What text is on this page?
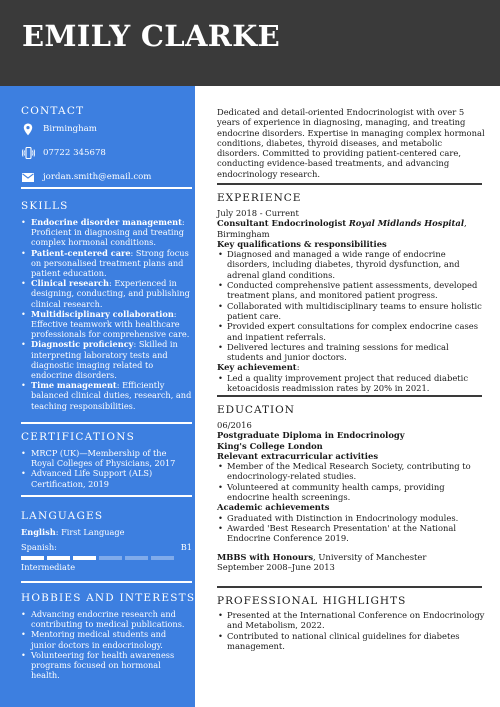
EMILY CLARKE
CONTACT
Birmingham
07722 345678
jordan.smith@email.com
SKILLS
• Endocrine disorder management: Proficient in diagnosing and treating complex hormonal conditions.
• Patient-centered care: Strong focus on personalised treatment plans and patient education.
• Clinical research: Experienced in designing, conducting, and publishing clinical research.
• Multidisciplinary collaboration: Effective teamwork with healthcare professionals for comprehensive care.
• Diagnostic proficiency: Skilled in interpreting laboratory tests and diagnostic imaging related to endocrine disorders.
• Time management: Efficiently balanced clinical duties, research, and teaching responsibilities.
CERTIFICATIONS
• MRCP (UK)—Membership of the Royal Colleges of Physicians, 2017
• Advanced Life Support (ALS) Certification, 2019
LANGUAGES
English: First Language
Spanish:	B1
Intermediate
HOBBIES AND INTERESTS
• Advancing endocrine research and contributing to medical publications.
• Mentoring medical students and junior doctors in endocrinology.
• Volunteering for health awareness programs focused on hormonal health.
Dedicated and detail-oriented Endocrinologist with over 5 years of experience in diagnosing, managing, and treating endocrine disorders. Expertise in managing complex hormonal conditions, diabetes, thyroid diseases, and metabolic disorders. Committed to providing patient-centered care, conducting evidence-based treatments, and advancing endocrinology research.
EXPERIENCE
July 2018 - Current
Consultant Endocrinologist Royal Midlands Hospital, Birmingham
Key qualifications & responsibilities
• Diagnosed and managed a wide range of endocrine disorders, including diabetes, thyroid dysfunction, and adrenal gland conditions.
• Conducted comprehensive patient assessments, developed treatment plans, and monitored patient progress.
• Collaborated with multidisciplinary teams to ensure holistic patient care.
• Provided expert consultations for complex endocrine cases and inpatient referrals.
• Delivered lectures and training sessions for medical students and junior doctors.
Key achievement:
• Led a quality improvement project that reduced diabetic ketoacidosis readmission rates by 20% in 2021.
EDUCATION
06/2016
Postgraduate Diploma in Endocrinology
King's College London
Relevant extracurricular activities
• Member of the Medical Research Society, contributing to endocrinology-related studies.
• Volunteered at community health camps, providing endocrine health screenings.
Academic achievements
• Graduated with Distinction in Endocrinology modules.
• Awarded 'Best Research Presentation' at the National Endocrine Conference 2019.
MBBS with Honours, University of Manchester
September 2008–June 2013
PROFESSIONAL HIGHLIGHTS
• Presented at the International Conference on Endocrinology and Metabolism, 2022.
• Contributed to national clinical guidelines for diabetes management.
